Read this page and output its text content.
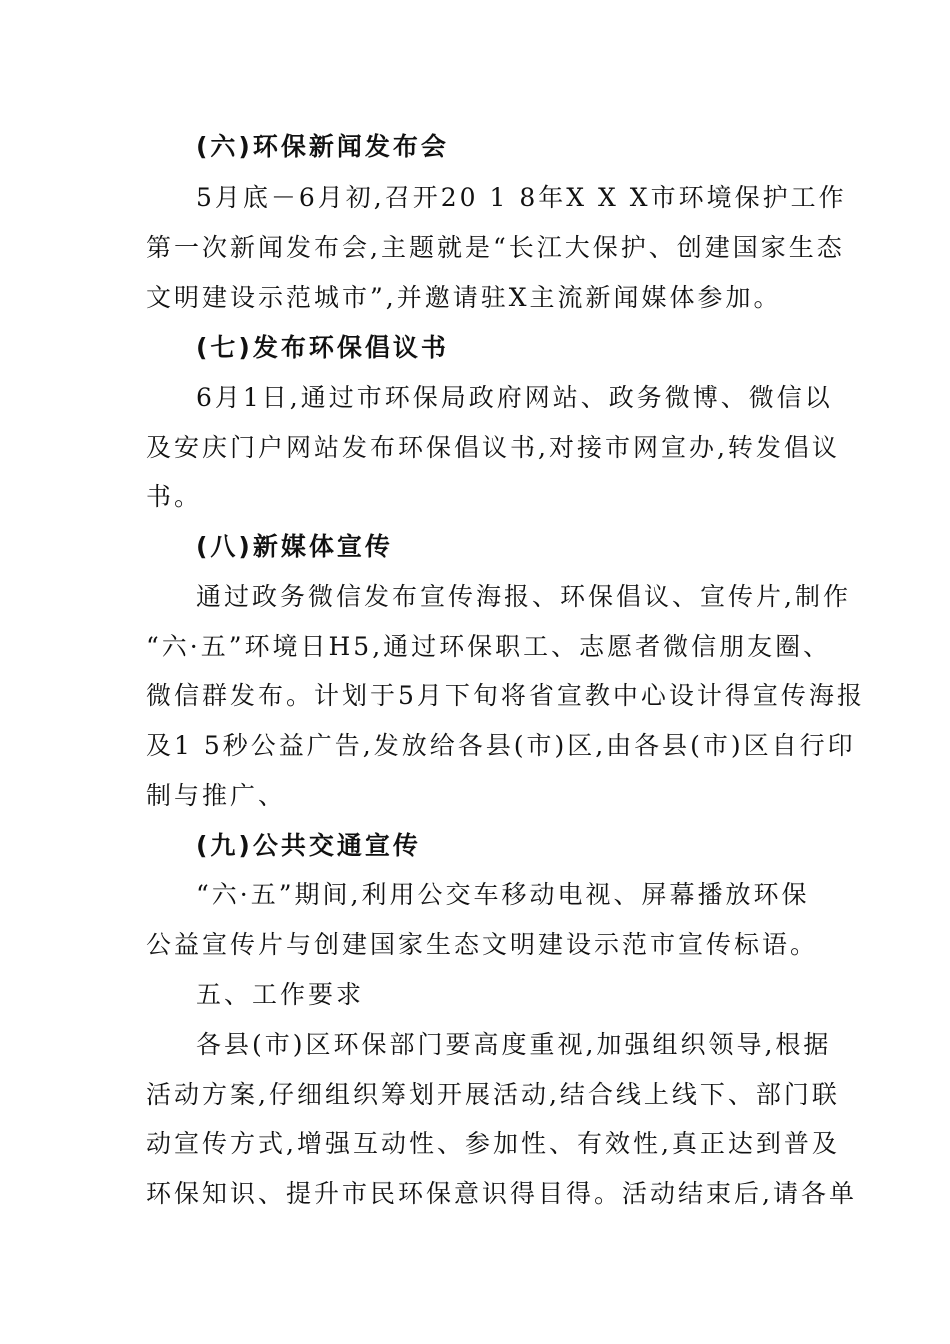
(六)环保新闻发布会
5月底－6月初,召开20 1 8年X X X市环境保护工作
第一次新闻发布会,主题就是“长江大保护、创建国家生态
文明建设示范城市”,并邀请驻X主流新闻媒体参加。
(七)发布环保倡议书
6月1日,通过市环保局政府网站、政务微博、微信以
及安庆门户网站发布环保倡议书,对接市网宣办,转发倡议
书。
(八)新媒体宣传
通过政务微信发布宣传海报、环保倡议、宣传片,制作
“六·五”环境日H5,通过环保职工、志愿者微信朋友圈、
微信群发布。计划于5月下旬将省宣教中心设计得宣传海报
及1 5秒公益广告,发放给各县(市)区,由各县(市)区自行印
制与推广、
(九)公共交通宣传
“六·五”期间,利用公交车移动电视、屏幕播放环保
公益宣传片与创建国家生态文明建设示范市宣传标语。
五、工作要求
各县(市)区环保部门要高度重视,加强组织领导,根据
活动方案,仔细组织筹划开展活动,结合线上线下、部门联
动宣传方式,增强互动性、参加性、有效性,真正达到普及
环保知识、提升市民环保意识得目得。活动结束后,请各单
